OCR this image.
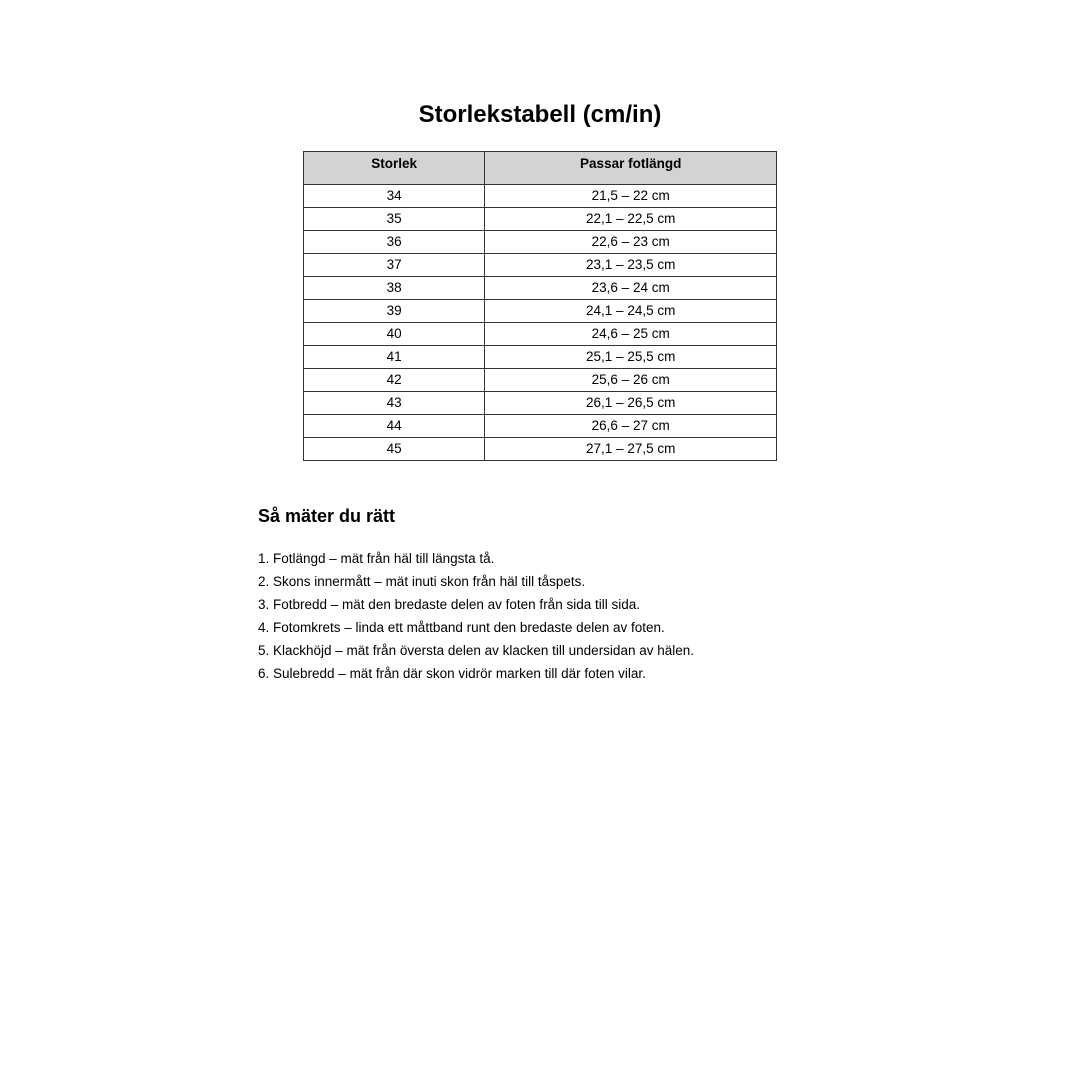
Storlekstabell (cm/in)
Storlek	Passar fotlängd
34	21,5 – 22 cm
35	22,1 – 22,5 cm
36	22,6 – 23 cm
37	23,1 – 23,5 cm
38	23,6 – 24 cm
39	24,1 – 24,5 cm
40	24,6 – 25 cm
41	25,1 – 25,5 cm
42	25,6 – 26 cm
43	26,1 – 26,5 cm
44	26,6 – 27 cm
45	27,1 – 27,5 cm
Så mäter du rätt
1. Fotlängd – mät från häl till längsta tå.
2. Skons innermått – mät inuti skon från häl till tåspets.
3. Fotbredd – mät den bredaste delen av foten från sida till sida.
4. Fotomkrets – linda ett måttband runt den bredaste delen av foten.
5. Klackhöjd – mät från översta delen av klacken till undersidan av hälen.
6. Sulebredd – mät från där skon vidrör marken till där foten vilar.
